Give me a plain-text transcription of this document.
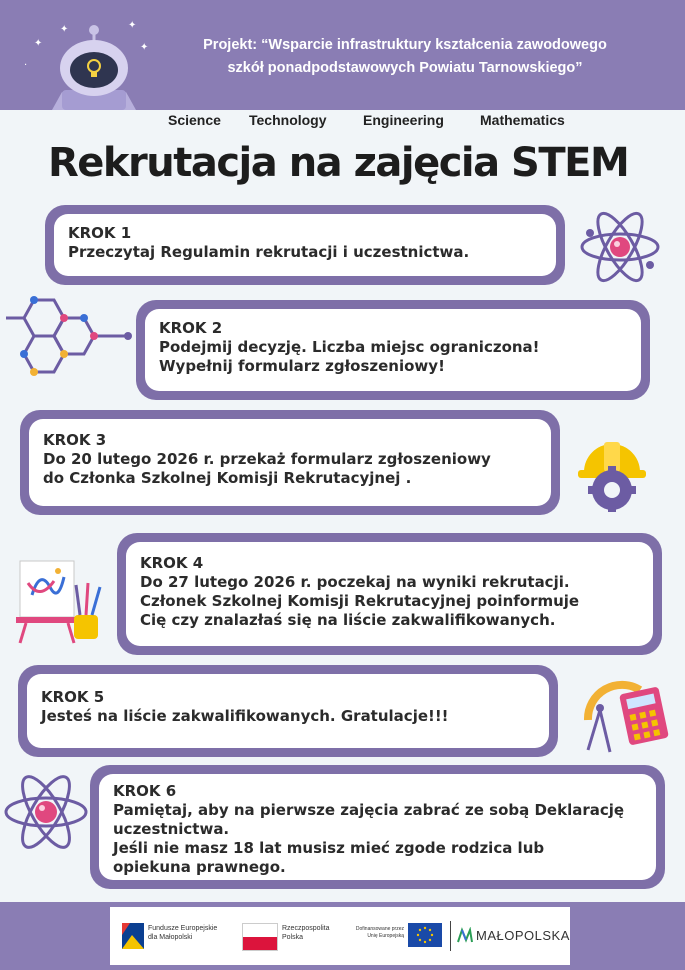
✦
·
✦	✦
✦	Projekt: “Wsparcie infrastruktury kształcenia zawodowego
szkół ponadpodstawowych Powiatu Tarnowskiego”
Science Technology	Engineering	Mathematics
Rekrutacja na zajęcia STEM
KROK 1
Przeczytaj Regulamin rekrutacji i uczestnictwa.
KROK 2
Podejmij decyzję. Liczba miejsc ograniczona!
Wypełnij formularz zgłoszeniowy!
KROK 3
Do 20 lutego 2026 r. przekaż formularz zgłoszeniowy
do Członka Szkolnej Komisji Rekrutacyjnej .
KROK 4
Do 27 lutego 2026 r. poczekaj na wyniki rekrutacji.
Członek Szkolnej Komisji Rekrutacyjnej poinformuje
Cię czy znalazłaś się na liście zakwalifikowanych.
KROK 5
Jesteś na liście zakwalifikowanych. Gratulacje!!!
KROK 6
Pamiętaj, aby na pierwsze zajęcia zabrać ze sobą Deklarację
uczestnictwa.
Jeśli nie masz 18 lat musisz mieć zgode rodzica lub
opiekuna prawnego.
Fundusze Europejskie
dla Małopolski
Rzeczpospolita
Polska
Dofinansowane przez
Unię Europejską	MAŁOPOLSKA
